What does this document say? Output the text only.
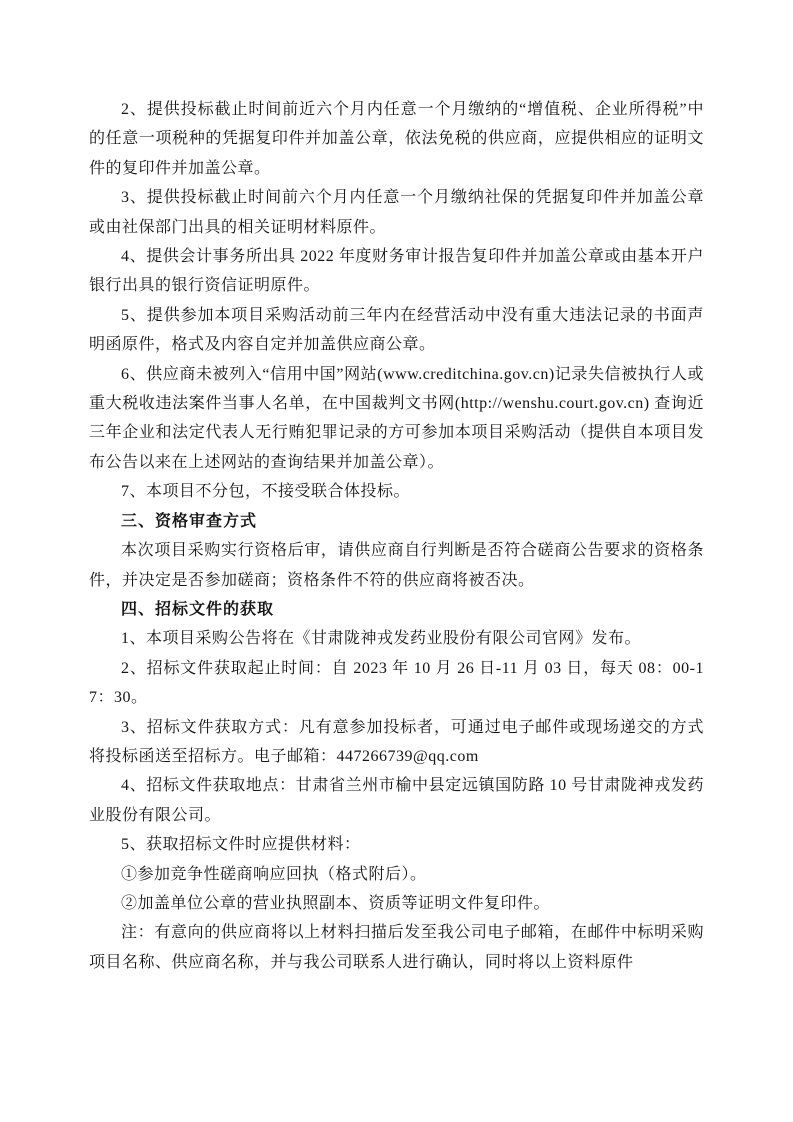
2、提供投标截止时间前近六个月内任意一个月缴纳的“增值税、企业所得税”中的任意一项税种的凭据复印件并加盖公章，依法免税的供应商，应提供相应的证明文件的复印件并加盖公章。

3、提供投标截止时间前六个月内任意一个月缴纳社保的凭据复印件并加盖公章或由社保部门出具的相关证明材料原件。

4、提供会计事务所出具 2022 年度财务审计报告复印件并加盖公章或由基本开户银行出具的银行资信证明原件。

5、提供参加本项目采购活动前三年内在经营活动中没有重大违法记录的书面声明函原件，格式及内容自定并加盖供应商公章。

6、供应商未被列入“信用中国”网站(www.creditchina.gov.cn)记录失信被执行人或重大税收违法案件当事人名单，在中国裁判文书网(http://wenshu.court.gov.cn) 查询近三年企业和法定代表人无行贿犯罪记录的方可参加本项目采购活动（提供自本项目发布公告以来在上述网站的查询结果并加盖公章）。

7、本项目不分包，不接受联合体投标。

三、资格审查方式

本次项目采购实行资格后审，请供应商自行判断是否符合磋商公告要求的资格条件，并决定是否参加磋商；资格条件不符的供应商将被否决。

四、招标文件的获取

1、本项目采购公告将在《甘肃陇神戎发药业股份有限公司官网》发布。

2、招标文件获取起止时间：自 2023 年 10 月 26 日-11 月 03 日，每天 08：00-17：30。

3、招标文件获取方式：凡有意参加投标者，可通过电子邮件或现场递交的方式将投标函送至招标方。电子邮箱：447266739@qq.com

4、招标文件获取地点：甘肃省兰州市榆中县定远镇国防路 10 号甘肃陇神戎发药业股份有限公司。

5、获取招标文件时应提供材料：

①参加竞争性磋商响应回执（格式附后）。

②加盖单位公章的营业执照副本、资质等证明文件复印件。

注：有意向的供应商将以上材料扫描后发至我公司电子邮箱，在邮件中标明采购项目名称、供应商名称，并与我公司联系人进行确认，同时将以上资料原件
